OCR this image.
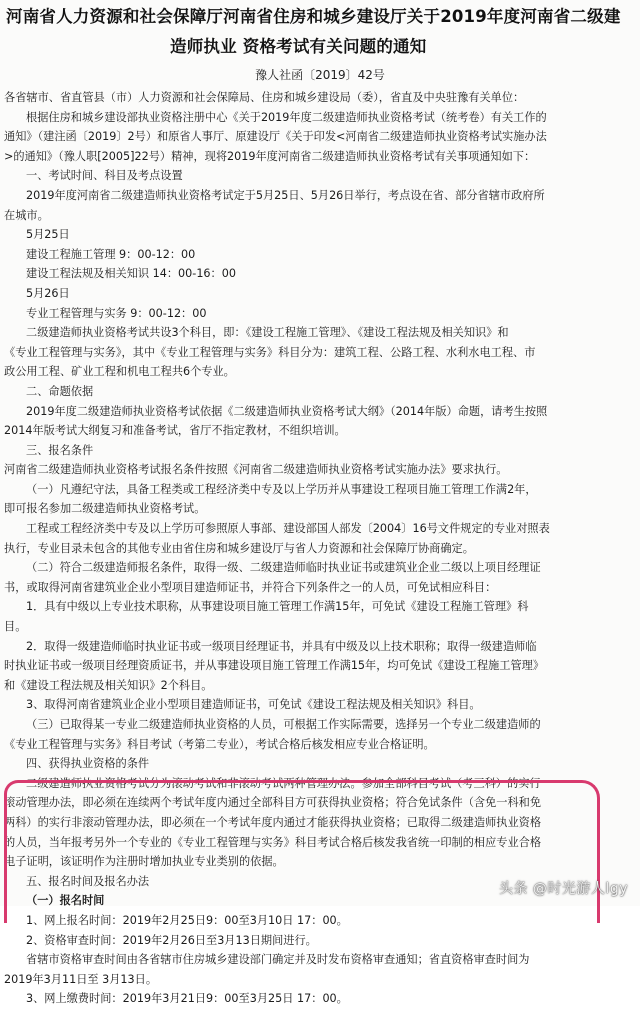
河南省人力资源和社会保障厅河南省住房和城乡建设厅关于2019年度河南省二级建
造师执业 资格考试有关问题的通知
豫人社函〔2019〕42号

各省辖市、省直管县（市）人力资源和社会保障局、住房和城乡建设局（委），省直及中央驻豫有关单位：

根据住房和城乡建设部执业资格注册中心《关于2019年度二级建造师执业资格考试（统考卷）有关工作的

通知》（建注函〔2019〕2号）和原省人事厅、原建设厅《关于印发<河南省二级建造师执业资格考试实施办法

>的通知》（豫人职[2005]22号）精神，现将2019年度河南省二级建造师执业资格考试有关事项通知如下：

一、考试时间、科目及考点设置

2019年度河南省二级建造师执业资格考试定于5月25日、5月26日举行，考点设在省、部分省辖市政府所

在城市。

5月25日

建设工程施工管理 9：00-12：00

建设工程法规及相关知识 14：00-16：00

5月26日

专业工程管理与实务 9：00-12：00

二级建造师执业资格考试共设3个科目，即：《建设工程施工管理》、《建设工程法规及相关知识》和

《专业工程管理与实务》，其中《专业工程管理与实务》科目分为：建筑工程、公路工程、水利水电工程、市

政公用工程、矿业工程和机电工程共6个专业。

二、命题依据

2019年度二级建造师执业资格考试依据《二级建造师执业资格考试大纲》（2014年版）命题，请考生按照

2014年版考试大纲复习和准备考试，省厅不指定教材，不组织培训。

三、报名条件

河南省二级建造师执业资格考试报名条件按照《河南省二级建造师执业资格考试实施办法》要求执行。

（一）凡遵纪守法，具备工程类或工程经济类中专及以上学历并从事建设工程项目施工管理工作满2年，

即可报名参加二级建造师执业资格考试。

工程或工程经济类中专及以上学历可参照原人事部、建设部国人部发〔2004〕16号文件规定的专业对照表

执行，专业目录未包含的其他专业由省住房和城乡建设厅与省人力资源和社会保障厅协商确定。

（二）符合二级建造师报名条件，取得一级、二级建造师临时执业证书或建筑业企业二级以上项目经理证

书，或取得河南省建筑业企业小型项目建造师证书，并符合下列条件之一的人员，可免试相应科目：

1．具有中级以上专业技术职称，从事建设项目施工管理工作满15年，可免试《建设工程施工管理》科

目。

2．取得一级建造师临时执业证书或一级项目经理证书，并具有中级及以上技术职称；取得一级建造师临

时执业证书或一级项目经理资质证书，并从事建设项目施工管理工作满15年，均可免试《建设工程施工管理》

和《建设工程法规及相关知识》2个科目。

3、取得河南省建筑业企业小型项目建造师证书，可免试《建设工程法规及相关知识》科目。

（三）已取得某一专业二级建造师执业资格的人员，可根据工作实际需要，选择另一个专业二级建造师的

《专业工程管理与实务》科目考试（考第二专业），考试合格后核发相应专业合格证明。

四、获得执业资格的条件

二级建造师执业资格考试分为滚动考试和非滚动考试两种管理办法。参加全部科目考试（考三科）的实行

滚动管理办法，即必须在连续两个考试年度内通过全部科目方可获得执业资格；符合免试条件（含免一科和免

两科）的实行非滚动管理办法，即必须在一个考试年度内通过才能获得执业资格；已取得二级建造师执业资格

的人员，当年报考另外一个专业的《专业工程管理与实务》科目考试合格后核发我省统一印制的相应专业合格

电子证明，该证明作为注册时增加执业专业类别的依据。

五、报名时间及报名办法

（一）报名时间

1、网上报名时间：2019年2月25日9：00至3月10日 17：00。

2、资格审查时间：2019年2月26日至3月13日期间进行。

省辖市资格审查时间由各省辖市住房城乡建设部门确定并及时发布资格审查通知；省直资格审查时间为

2019年3月11日至 3月13日。

3、网上缴费时间：2019年3月21日9：00至3月25日 17：00。

头条 @时光游人lgy
